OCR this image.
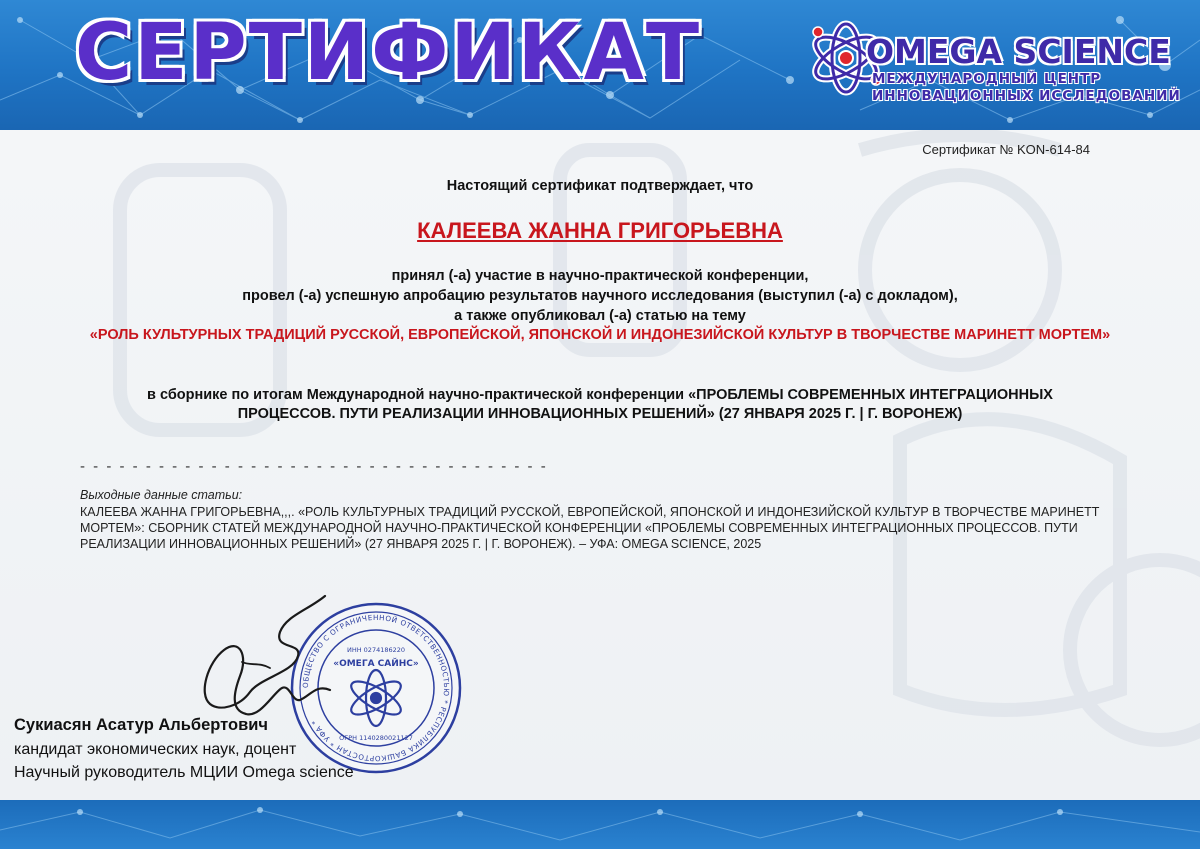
СЕРТИФИКАТ	OMEGA SCIENCE
МЕЖДУНАРОДНЫЙ ЦЕНТР
ИННОВАЦИОННЫХ ИССЛЕДОВАНИЙ
Сертификат № KON-614-84
Настоящий сертификат подтверждает, что
КАЛЕЕВА ЖАННА ГРИГОРЬЕВНА
принял (-а) участие в научно-практической конференции,
провел (-а) успешную апробацию результатов научного исследования (выступил (-а) с докладом),
а также опубликовал (-а) статью на тему
«РОЛЬ КУЛЬТУРНЫХ ТРАДИЦИЙ РУССКОЙ, ЕВРОПЕЙСКОЙ, ЯПОНСКОЙ И ИНДОНЕЗИЙСКОЙ КУЛЬТУР В ТВОРЧЕСТВЕ МАРИНЕТТ МОРТЕМ»
в сборнике по итогам Международной научно-практической конференции «ПРОБЛЕМЫ СОВРЕМЕННЫХ ИНТЕГРАЦИОННЫХ ПРОЦЕССОВ. ПУТИ РЕАЛИЗАЦИИ ИННОВАЦИОННЫХ РЕШЕНИЙ» (27 ЯНВАРЯ 2025 Г. | Г. ВОРОНЕЖ)
- - - - - - - - - - - - - - - - - - - - - - - - - - - - - - - - - - - -
Выходные данные статьи:
КАЛЕЕВА ЖАННА ГРИГОРЬЕВНА,,,. «РОЛЬ КУЛЬТУРНЫХ ТРАДИЦИЙ РУССКОЙ, ЕВРОПЕЙСКОЙ, ЯПОНСКОЙ И ИНДОНЕЗИЙСКОЙ КУЛЬТУР В ТВОРЧЕСТВЕ МАРИНЕТТ МОРТЕМ»: СБОРНИК СТАТЕЙ МЕЖДУНАРОДНОЙ НАУЧНО-ПРАКТИЧЕСКОЙ КОНФЕРЕНЦИИ «ПРОБЛЕМЫ СОВРЕМЕННЫХ ИНТЕГРАЦИОННЫХ ПРОЦЕССОВ. ПУТИ РЕАЛИЗАЦИИ ИННОВАЦИОННЫХ РЕШЕНИЙ» (27 ЯНВАРЯ 2025 Г. | Г. ВОРОНЕЖ). – УФА: OMEGA SCIENCE, 2025
ОБЩЕСТВО С ОГРАНИЧЕННОЙ ОТВЕТСТВЕННОСТЬЮ * РЕСПУБЛИКА БАШКОРТОСТАН * УФА *
ИНН 0274186220
«ОМЕГА САЙНС»
ОГРН 1140280021127
Сукиасян Асатур Альбертович
кандидат экономических наук, доцент
Научный руководитель МЦИИ Omega science
